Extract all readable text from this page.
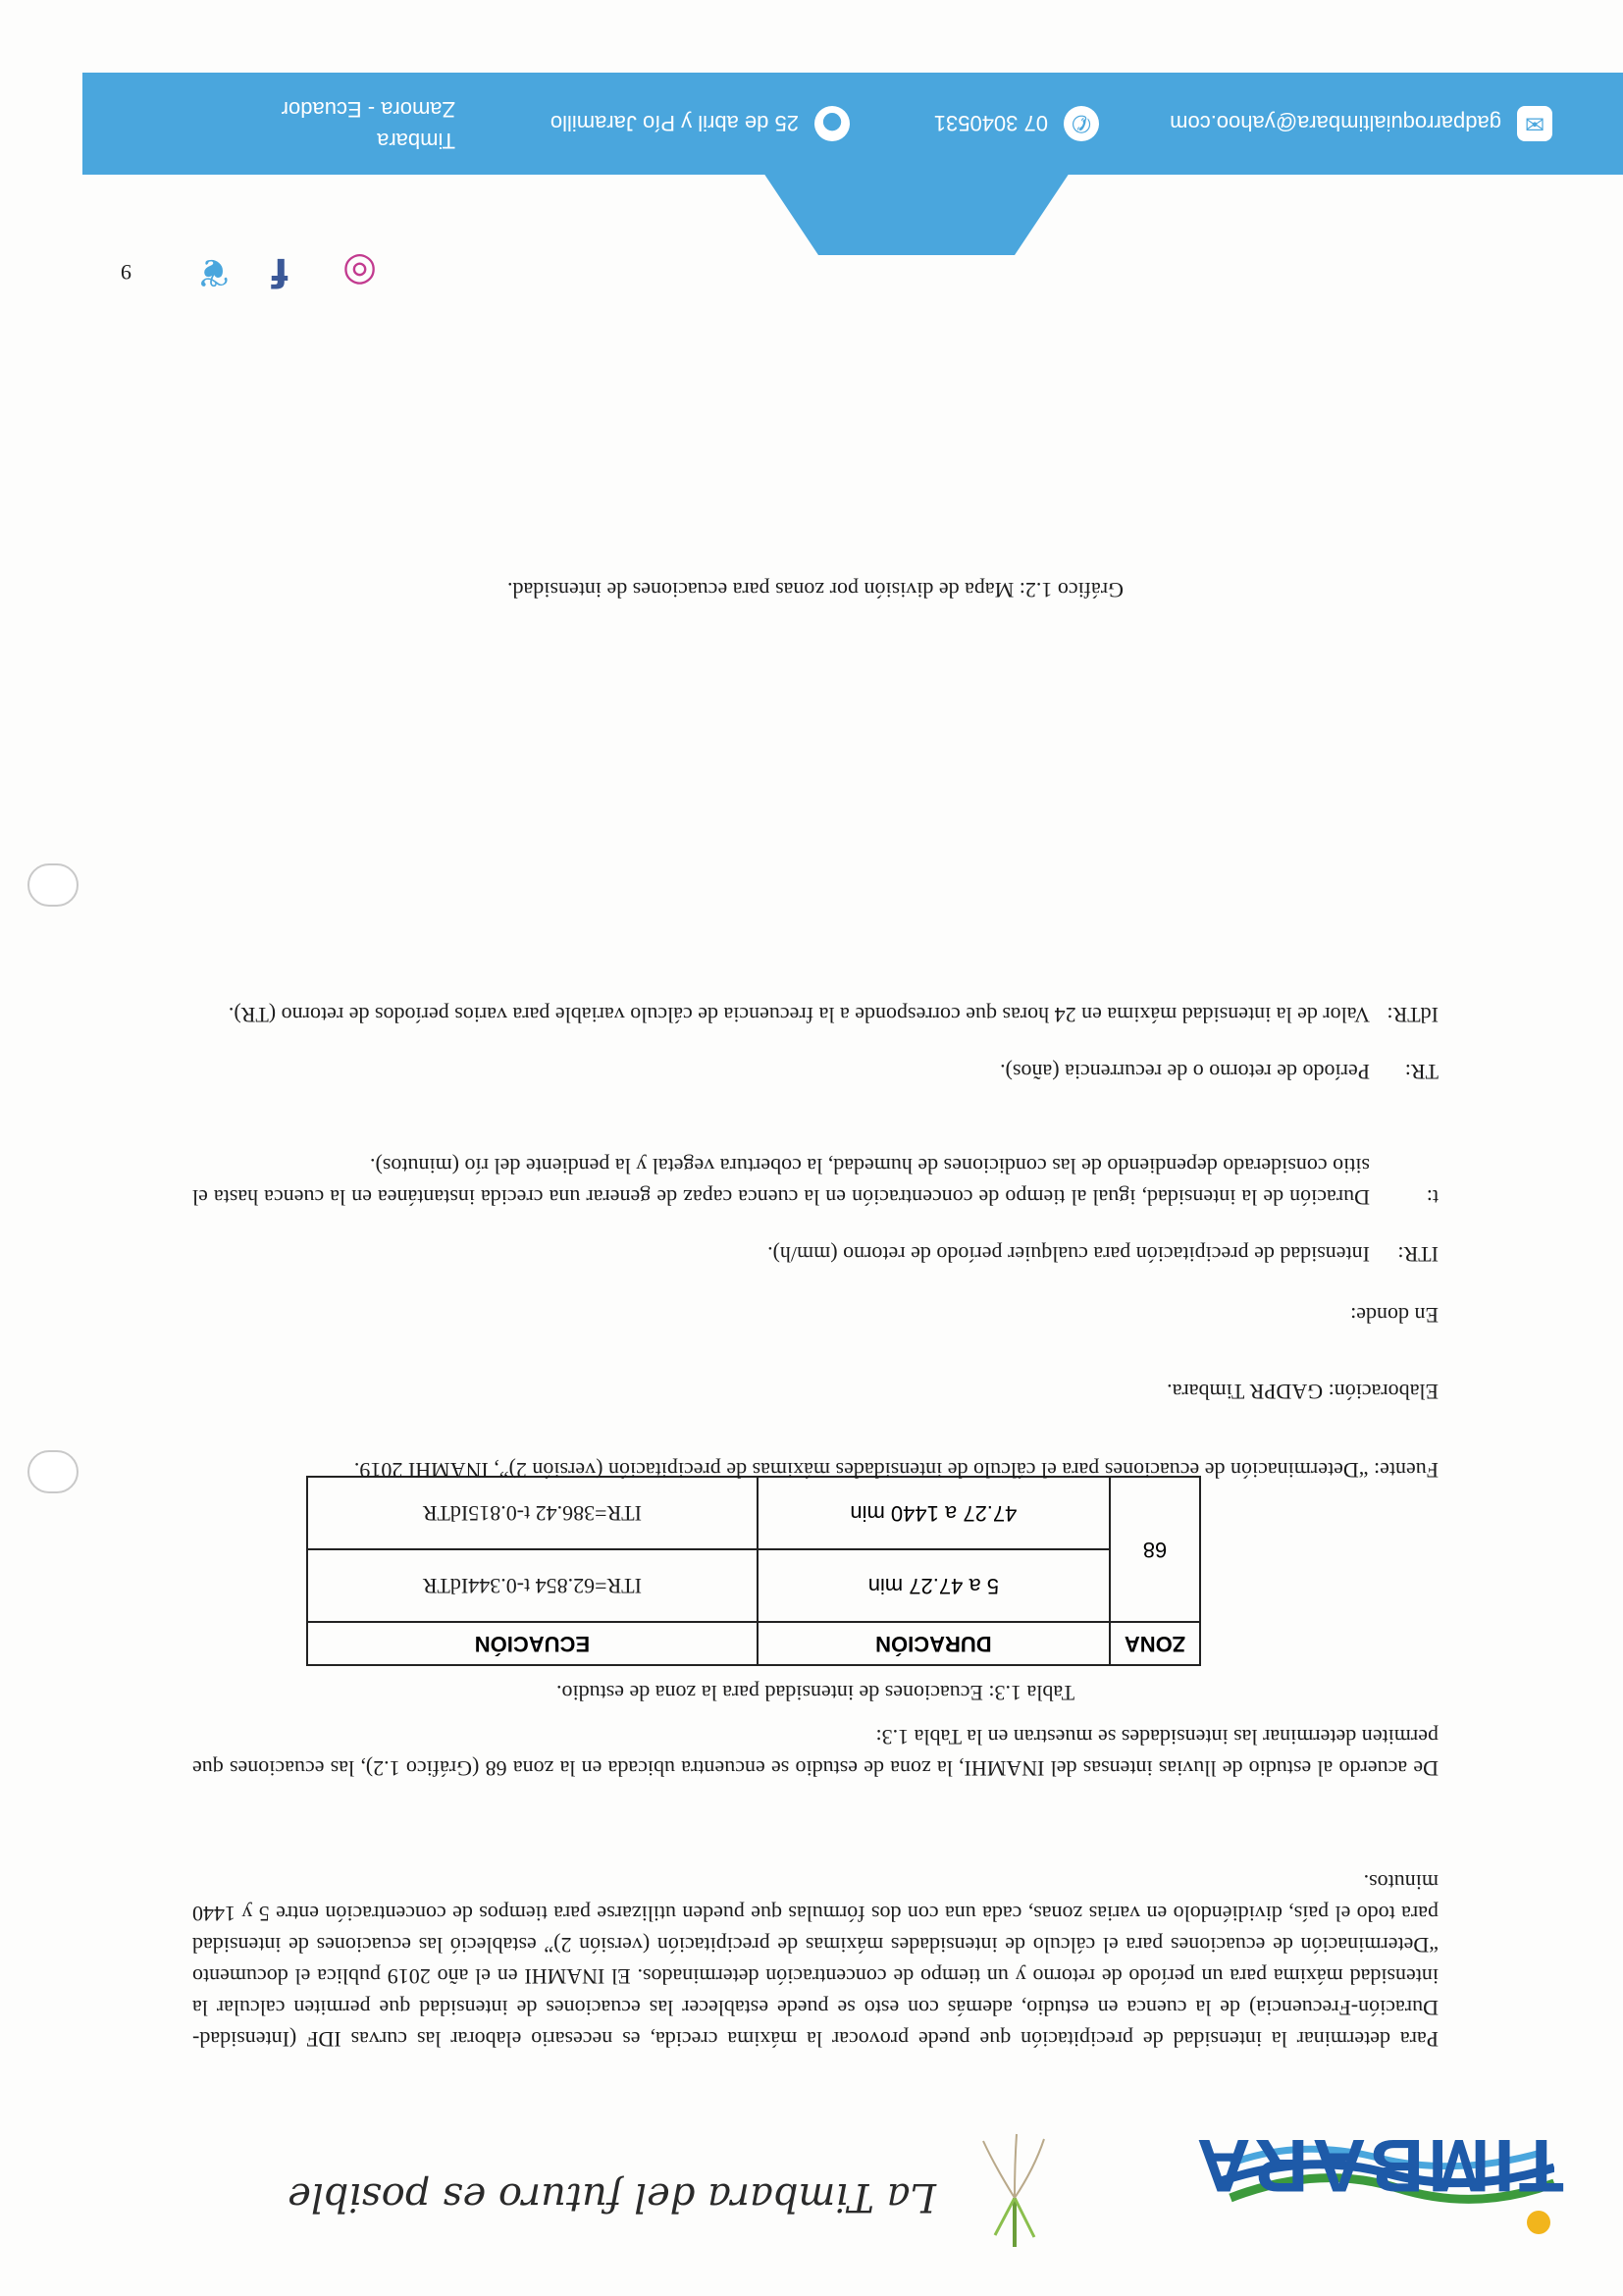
TIMBARA
La Timbara del futuro es posible
Para determinar la intensidad de precipitación que puede provocar la máxima crecida, es necesario elaborar las curvas IDF (Intensidad-Duración-Frecuencia) de la cuenca en estudio, además con esto se puede establecer las ecuaciones de intensidad que permiten calcular la intensidad máxima para un período de retorno y un tiempo de concentración determinados. El INAMHI en el año 2019 publica el documento “Determinación de ecuaciones para el cálculo de intensidades máximas de precipitación (versión 2)” estableció las ecuaciones de intensidad para todo el país, dividiéndolo en varias zonas, cada una con dos fórmulas que pueden utilizarse para tiempos de concentración entre 5 y 1440 minutos.
De acuerdo al estudio de lluvias intensas del INAMHI, la zona de estudio se encuentra ubicada en la zona 68 (Gráfico 1.2), las ecuaciones que permiten determinar las intensidades se muestran en la Tabla 1.3:
Tabla 1.3: Ecuaciones de intensidad para la zona de estudio.
ZONA	DURACIÓN	ECUACIÓN
68	5 a 47.27 min	ITR=62.854 t-0.344IdTR
	47.27 a 1440 min	ITR=386.42 t-0.815IdTR
Fuente: “Determinación de ecuaciones para el cálculo de intensidades máximas de precipitación (versión 2)”, INAMHI 2019.
Elaboración: GADPR Timbara.
En donde:
ITR:
Intensidad de precipitación para cualquier período de retorno (mm/h).
t:
Duración de la intensidad, igual al tiempo de concentración en la cuenca capaz de generar una crecida instantánea en la cuenca hasta el sitio considerado dependiendo de las condiciones de humedad, la cobertura vegetal y la pendiente del río (minutos).
TR:
Período de retorno o de recurrencia (años).
IdTR:
Valor de la intensidad máxima en 24 horas que corresponde a la frecuencia de cálculo variable para varios períodos de retorno (TR).
Gráfico 1.2: Mapa de división por zonas para ecuaciones de intensidad.
9	◎
f
❦
✉
gadparroquialtimbara@yahoo.com
✆
07 3040531
●
25 de abril y Pío Jaramillo
Timbara
Zamora - Ecuador
